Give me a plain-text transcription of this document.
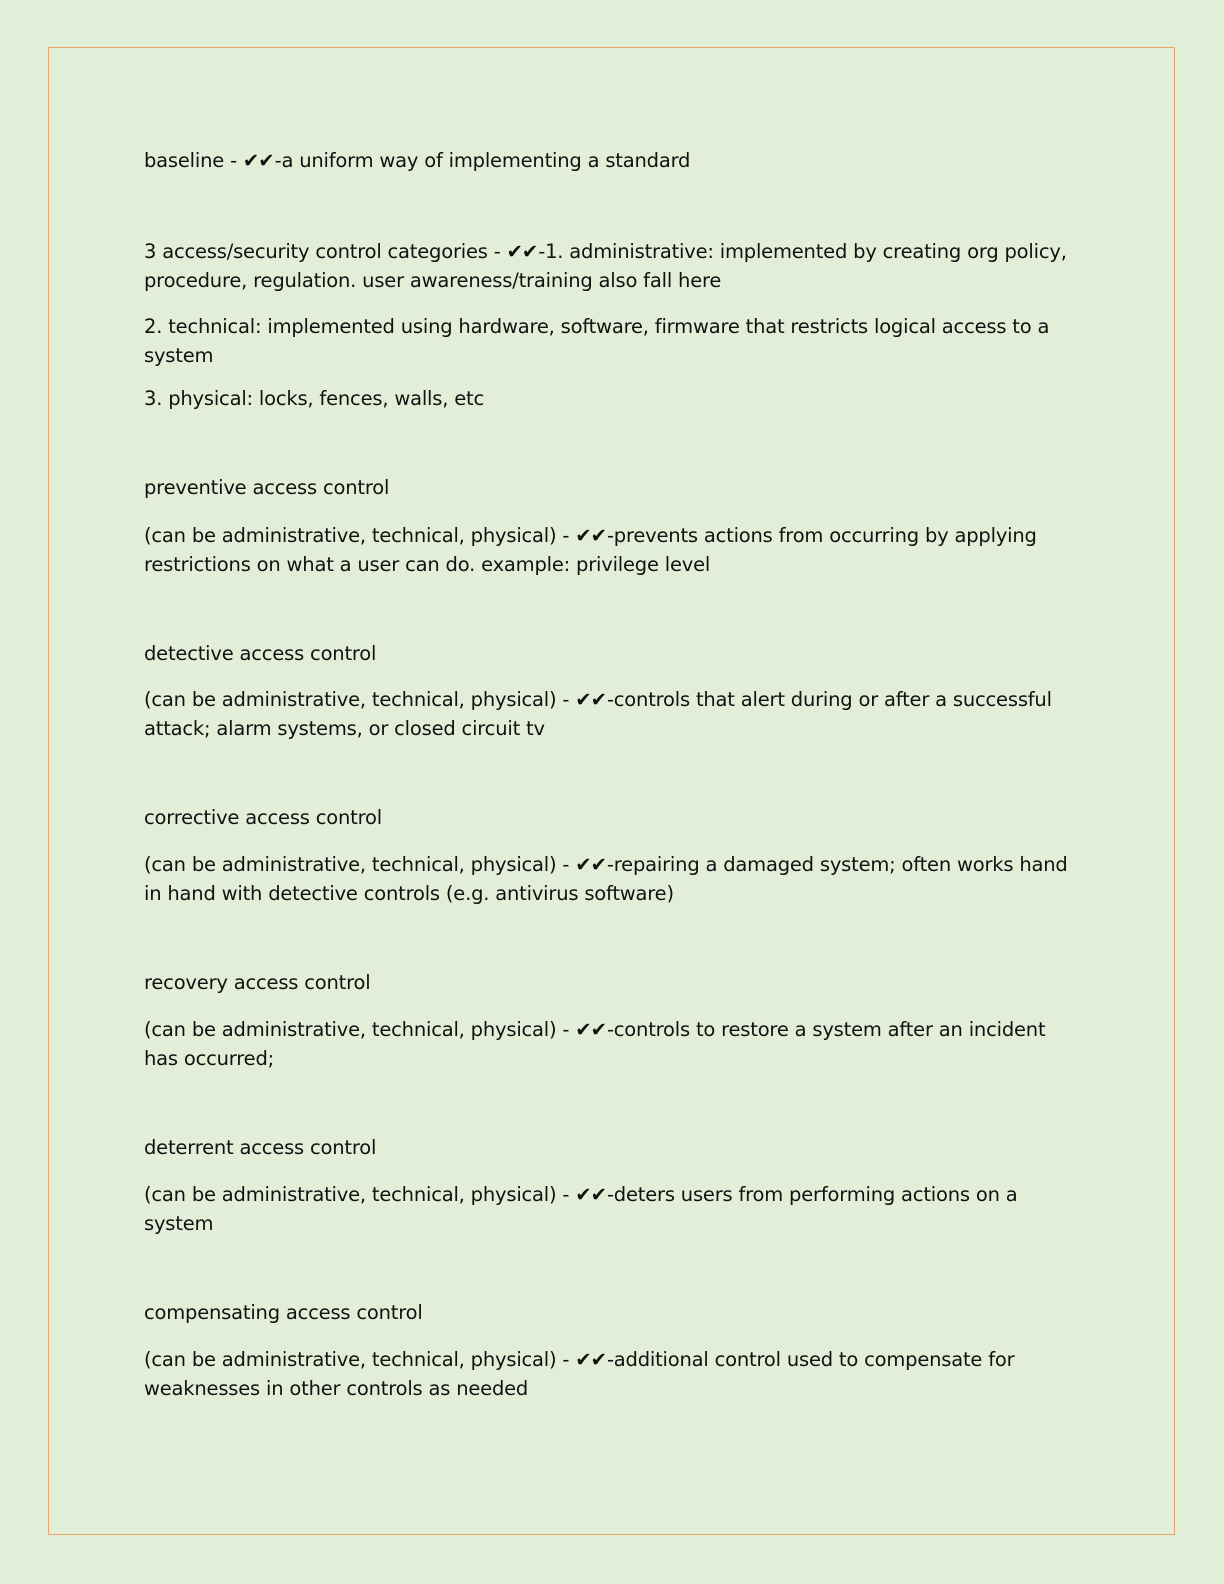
baseline - ✔✔-a uniform way of implementing a standard

3 access/security control categories - ✔✔-1. administrative: implemented by creating org policy, procedure, regulation. user awareness/training also fall here

2. technical: implemented using hardware, software, firmware that restricts logical access to a system

3. physical: locks, fences, walls, etc

preventive access control

(can be administrative, technical, physical) - ✔✔-prevents actions from occurring by applying restrictions on what a user can do. example: privilege level

detective access control

(can be administrative, technical, physical) - ✔✔-controls that alert during or after a successful attack; alarm systems, or closed circuit tv

corrective access control

(can be administrative, technical, physical) - ✔✔-repairing a damaged system; often works hand in hand with detective controls (e.g. antivirus software)

recovery access control

(can be administrative, technical, physical) - ✔✔-controls to restore a system after an incident has occurred;

deterrent access control

(can be administrative, technical, physical) - ✔✔-deters users from performing actions on a system

compensating access control

(can be administrative, technical, physical) - ✔✔-additional control used to compensate for weaknesses in other controls as needed
